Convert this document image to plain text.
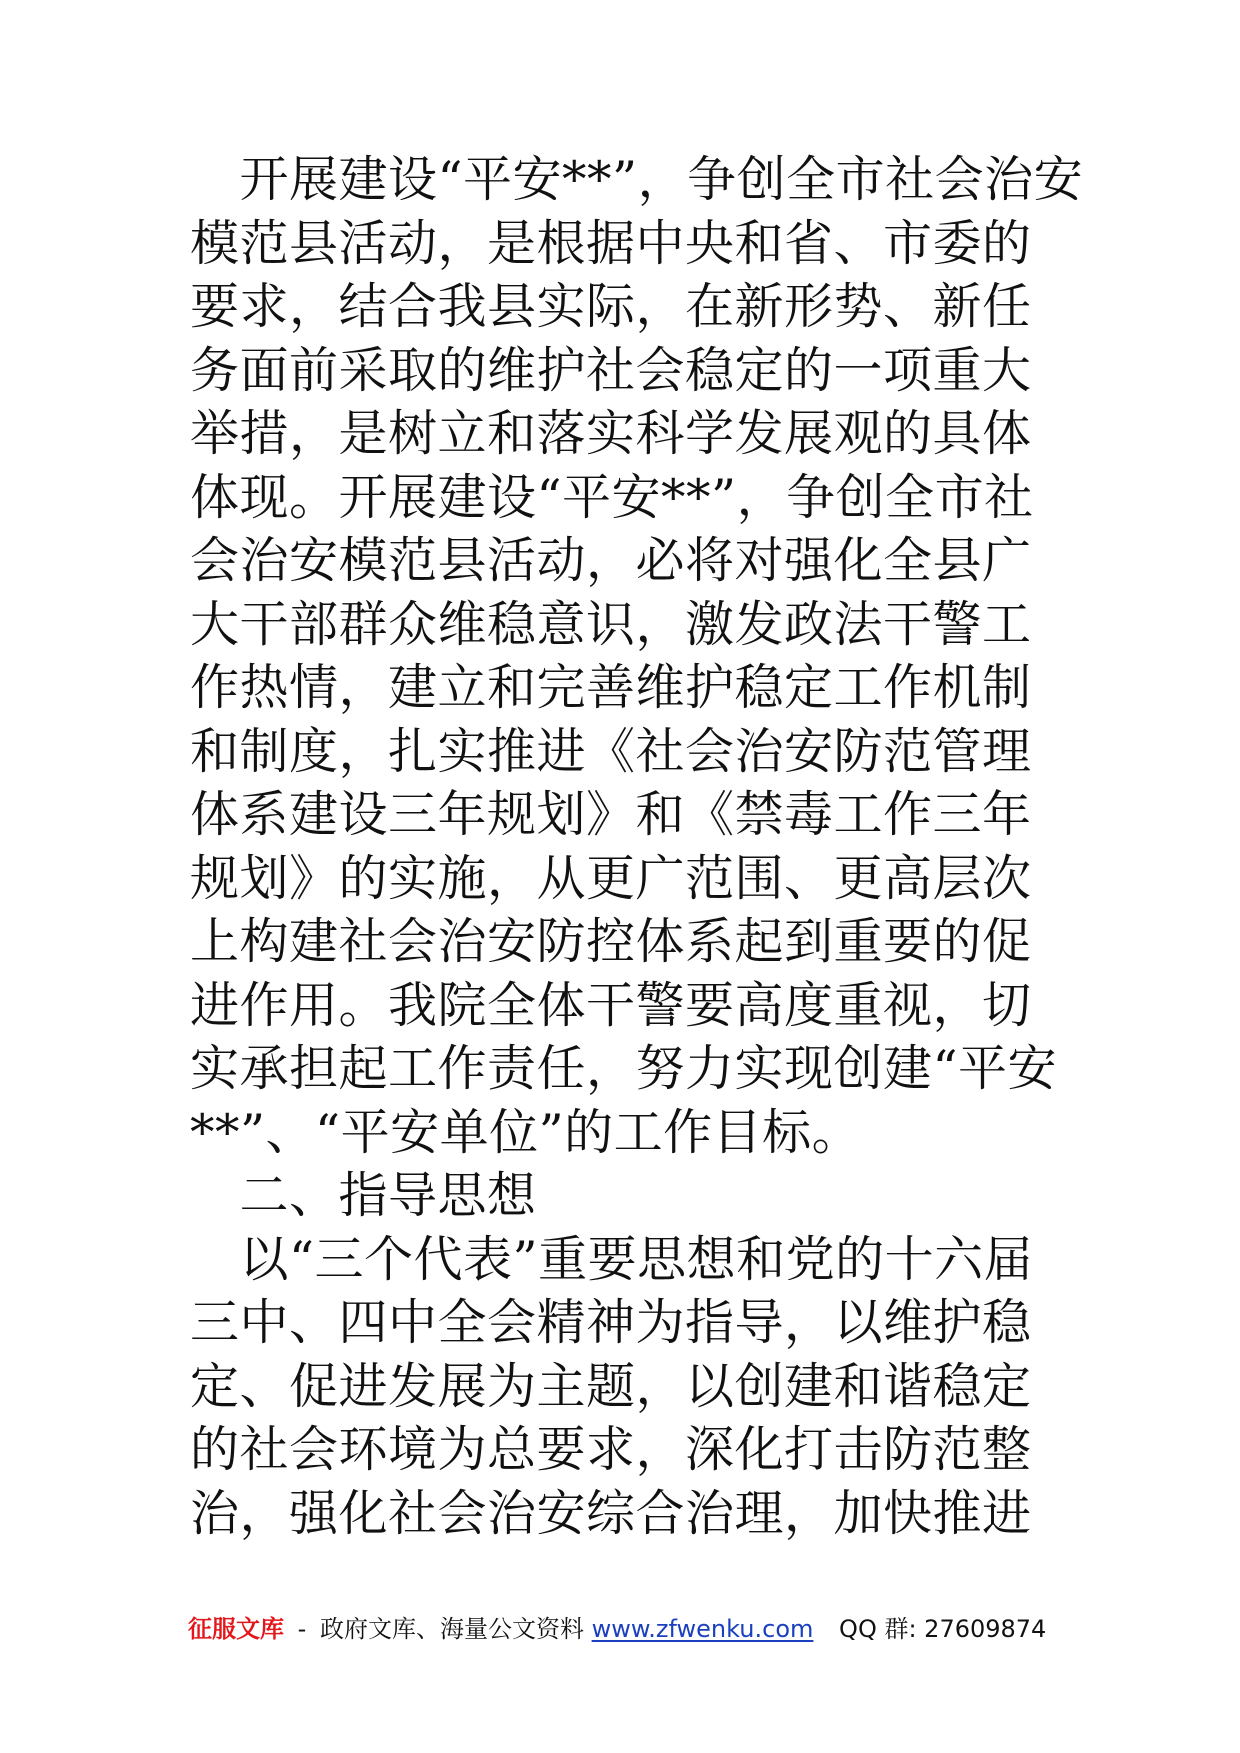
　开展建设“平安**”，争创全市社会治安
模范县活动，是根据中央和省、市委的
要求，结合我县实际，在新形势、新任
务面前采取的维护社会稳定的一项重大
举措，是树立和落实科学发展观的具体
体现。开展建设“平安**”，争创全市社
会治安模范县活动，必将对强化全县广
大干部群众维稳意识，激发政法干警工
作热情，建立和完善维护稳定工作机制
和制度，扎实推进《社会治安防范管理
体系建设三年规划》和《禁毒工作三年
规划》的实施，从更广范围、更高层次
上构建社会治安防控体系起到重要的促
进作用。我院全体干警要高度重视，切
实承担起工作责任，努力实现创建“平安
**”、“平安单位”的工作目标。
　二、指导思想
　以“三个代表”重要思想和党的十六届
三中、四中全会精神为指导，以维护稳
定、促进发展为主题，以创建和谐稳定
的社会环境为总要求，深化打击防范整
治，强化社会治安综合治理，加快推进
征服文库 - 政府文库、海量公文资料 www.zfwenku.com QQ 群: 27609874
